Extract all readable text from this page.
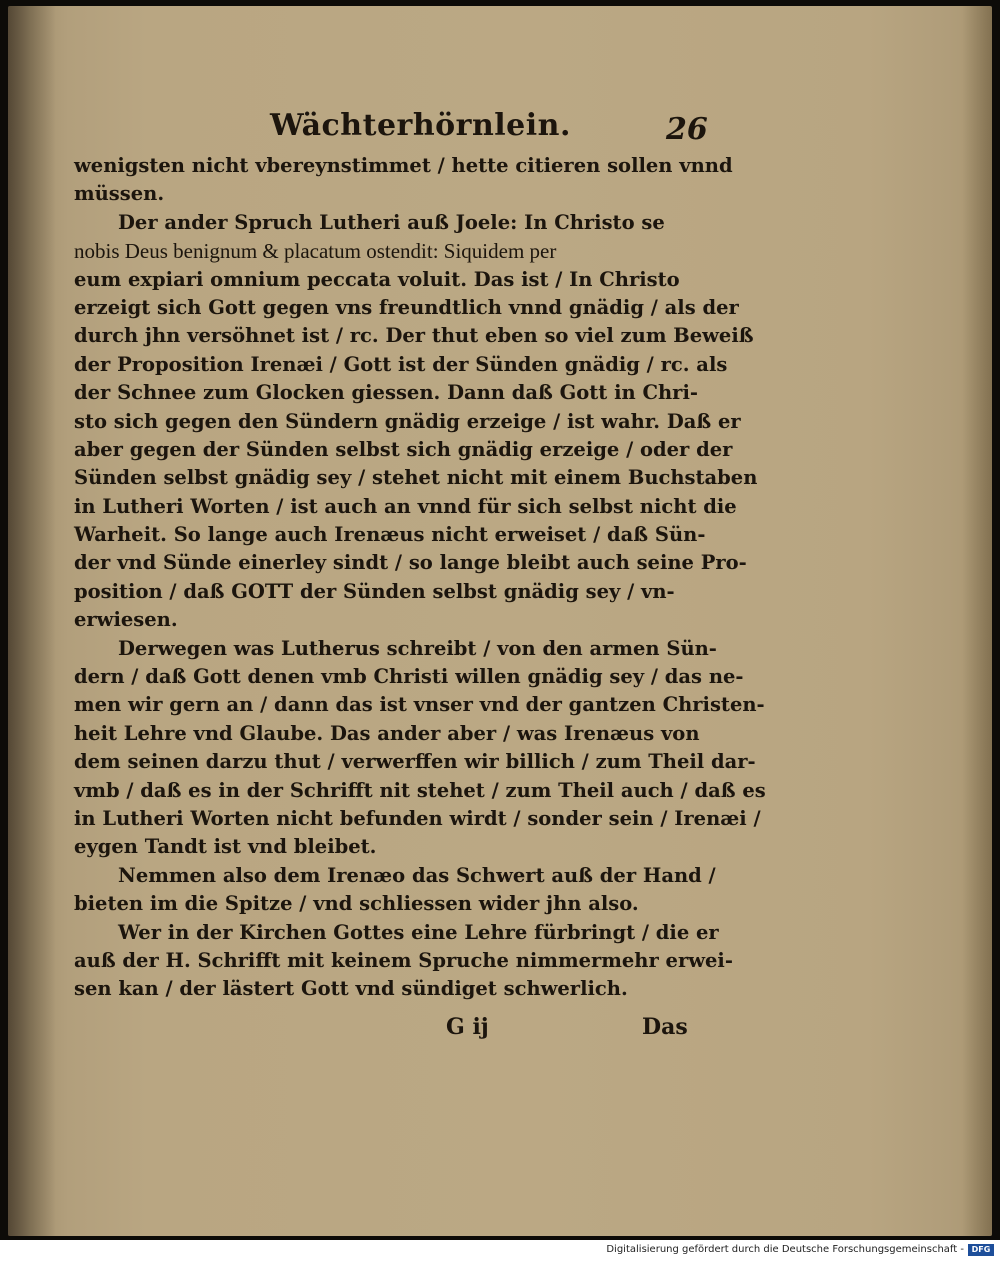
Wächterhörnlein.	26
wenigsten nicht vbereynstimmet / hette citieren sollen vnnd
müssen.
Der ander Spruch Lutheri auß Joele: In Christo se
nobis Deus benignum & placatum ostendit: Siquidem per
eum expiari omnium peccata voluit. Das ist / In Christo
erzeigt sich Gott gegen vns freundtlich vnnd gnädig / als der
durch jhn versöhnet ist / rc. Der thut eben so viel zum Beweiß
der Proposition Irenæi / Gott ist der Sünden gnädig / rc. als
der Schnee zum Glocken giessen. Dann daß Gott in Chri-
sto sich gegen den Sündern gnädig erzeige / ist wahr. Daß er
aber gegen der Sünden selbst sich gnädig erzeige / oder der
Sünden selbst gnädig sey / stehet nicht mit einem Buchstaben
in Lutheri Worten / ist auch an vnnd für sich selbst nicht die
Warheit. So lange auch Irenæus nicht erweiset / daß Sün-
der vnd Sünde einerley sindt / so lange bleibt auch seine Pro-
position / daß GOTT der Sünden selbst gnädig sey / vn-
erwiesen.
Derwegen was Lutherus schreibt / von den armen Sün-
dern / daß Gott denen vmb Christi willen gnädig sey / das ne-
men wir gern an / dann das ist vnser vnd der gantzen Christen-
heit Lehre vnd Glaube. Das ander aber / was Irenæus von
dem seinen darzu thut / verwerffen wir billich / zum Theil dar-
vmb / daß es in der Schrifft nit stehet / zum Theil auch / daß es
in Lutheri Worten nicht befunden wirdt / sonder sein / Irenæi /
eygen Tandt ist vnd bleibet.
Nemmen also dem Irenæo das Schwert auß der Hand /
bieten im die Spitze / vnd schliessen wider jhn also.
Wer in der Kirchen Gottes eine Lehre fürbringt / die er
auß der H. Schrifft mit keinem Spruche nimmermehr erwei-
sen kan / der lästert Gott vnd sündiget schwerlich.
G ij	Das
Digitalisierung gefördert durch die Deutsche Forschungsgemeinschaft - DFG
